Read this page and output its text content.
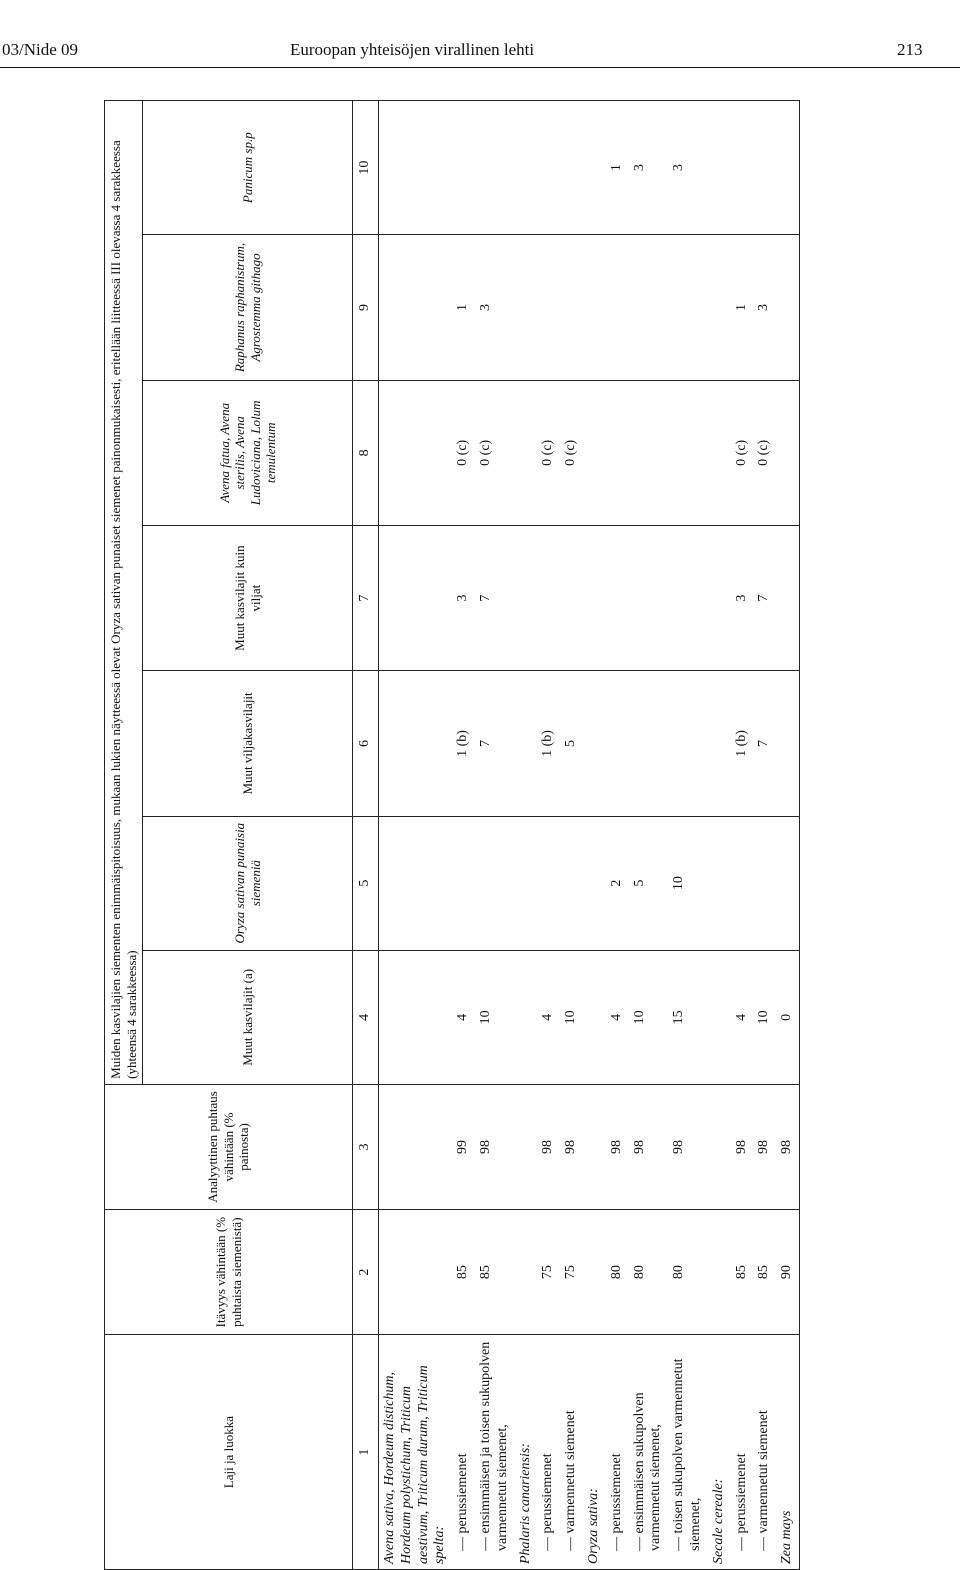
03/Nide 09	Euroopan yhteisöjen virallinen lehti	213
Laji ja luokka	Itävyys vähintään (% puhtaista siemenistä)	Analyyttinen puhtaus vähintään (% painosta)	Muiden kasvilajien siementen enimmäispitoisuus, mukaan lukien näytteessä olevat Oryza sativan punaiset siemenet painonmukaisesti, eritellään liitteessä III olevassa 4 sarakkeessa (yhteensä 4 sarakkeessa)						
			Muut kasvilajit (a)	Oryza sativan punaisia siemeniä	Muut viljakasvilajit	Muut kasvilajit kuin viljat	Avena fatua, Avena sterilis, Avena Ludoviciana, Lolum temulentum	Raphanus raphanistrum, Agrostemma githago	Panicum sp.p
1	2	3	4	5	6	7	8	9	10
Avena sativa, Hordeum distichum, Hordeum polystichum, Triticum aestivum, Triticum durum, Triticum spelta:									
— perussiemenet	85	99	4		1 (b)	3	0 (c)	1	
— ensimmäisen ja toisen sukupolven varmennetut siemenet,	85	98	10		7	7	0 (c)	3	
Phalaris canariensis:									
— perussiemenet	75	98	4		1 (b)		0 (c)		
— varmennetut siemenet	75	98	10		5		0 (c)		
Oryza sativa:									
— perussiemenet	80	98	4	2					1
— ensimmäisen sukupolven varmennetut siemenet,	80	98	10	5					3
— toisen sukupolven varmennetut siemenet,	80	98	15	10					3
Secale cereale:									
— perussiemenet	85	98	4		1 (b)	3	0 (c)	1	
— varmennetut siemenet	85	98	10		7	7	0 (c)	3	
Zea mays	90	98	0						
